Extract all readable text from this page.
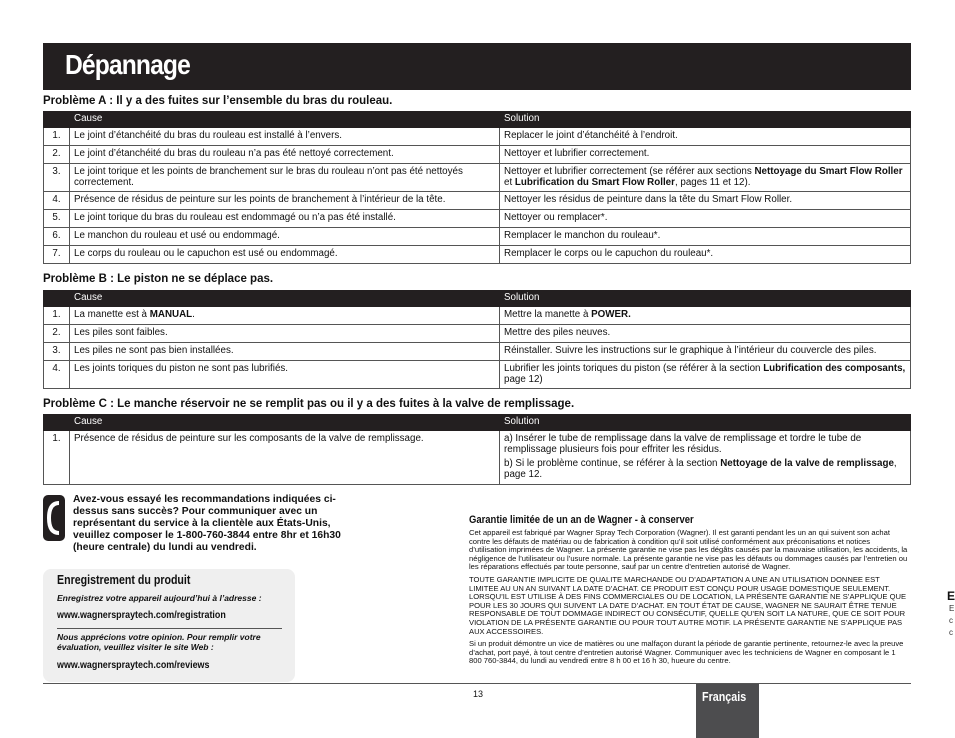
Dépannage
Problème A : Il y a des fuites sur l’ensemble du bras du rouleau.
	Cause	Solution
1.	Le joint d’étanchéité du bras du rouleau est installé à l’envers.	Replacer le joint d’étanchéité à l’endroit.
2.	Le joint d’étanchéité du bras du rouleau n’a pas été nettoyé correctement.	Nettoyer et lubrifier correctement.
3.	Le joint torique et les points de branchement sur le bras du rouleau n’ont pas été nettoyés correctement.	Nettoyer et lubrifier correctement (se référer aux sections Nettoyage du Smart Flow Roller et Lubrification du Smart Flow Roller, pages 11 et 12).
4.	Présence de résidus de peinture sur les points de branchement à l’intérieur de la tête.	Nettoyer les résidus de peinture dans la tête du Smart Flow Roller.
5.	Le joint torique du bras du rouleau est endommagé ou n’a pas été installé.	Nettoyer ou remplacer*.
6.	Le manchon du rouleau et usé ou endommagé.	Remplacer le manchon du rouleau*.
7.	Le corps du rouleau ou le capuchon est usé ou endommagé.	Remplacer le corps ou le capuchon du rouleau*.
Problème B : Le piston ne se déplace pas.
	Cause	Solution
1.	La manette est à MANUAL.	Mettre la manette à POWER.
2.	Les piles sont faibles.	Mettre des piles neuves.
3.	Les piles ne sont pas bien installées.	Réinstaller. Suivre les instructions sur le graphique à l’intérieur du couvercle des piles.
4.	Les joints toriques du piston ne sont pas lubrifiés.	Lubrifier les joints toriques du piston (se référer à la section Lubrification des composants, page 12)
Problème C : Le manche réservoir ne se remplit pas ou il y a des fuites à la valve de remplissage.
	Cause	Solution
1.	Présence de résidus de peinture sur les composants de la valve de remplissage.	a) Insérer le tube de remplissage dans la valve de remplissage et tordre le tube de remplissage plusieurs fois pour effriter les résidus.
b) Si le problème continue, se référer à la section Nettoyage de la valve de remplissage, page 12.
Avez-vous essayé les recommandations indiquées ci-dessus sans succès? Pour communiquer avec un représentant du service à la clientèle aux États-Unis, veuillez composer le 1-800-760-3844 entre 8hr et 16h30 (heure centrale) du lundi au vendredi.
Enregistrement du produit
Enregistrez votre appareil aujourd’hui à l’adresse :
www.wagnerspraytech.com/registration
Nous apprécions votre opinion. Pour remplir votre évaluation, veuillez visiter le site Web :
www.wagnerspraytech.com/reviews
Garantie limitée de un an de Wagner - à conserver

Cet appareil est fabriqué par Wagner Spray Tech Corporation (Wagner). Il est garanti pendant les un an qui suivent son achat contre les défauts de matériau ou de fabrication à condition qu’il soit utilisé conformément aux préconisations et notices d’utilisation imprimées de Wagner. La présente garantie ne vise pas les dégâts causés par la mauvaise utilisation, les accidents, la négligence de l’utilisateur ou l’usure normale. La présente garantie ne vise pas les défauts ou dommages causés par l’entretien ou les réparations effectués par toute personne, sauf par un centre d’entretien autorisé de Wagner.

TOUTE GARANTIE IMPLICITE DE QUALITE MARCHANDE OU D’ADAPTATION A UNE AN UTILISATION DONNEE EST LIMITEE AU UN AN SUIVANT LA DATE D’ACHAT. CE PRODUIT EST CONÇU POUR USAGE DOMESTIQUE SEULEMENT. LORSQU’IL EST UTILISE À DES FINS COMMERCIALES OU DE LOCATION, LA PRÉSENTE GARANTIE NE S’APPLIQUE QUE POUR LES 30 JOURS QUI SUIVENT LA DATE D’ACHAT. EN TOUT ÉTAT DE CAUSE, WAGNER NE SAURAIT ÊTRE TENUE RESPONSABLE DE TOUT DOMMAGE INDIRECT OU CONSÉCUTIF, QUELLE QU’EN SOIT LA NATURE, QUE CE SOIT POUR VIOLATION DE LA PRÉSENTE GARANTIE OU POUR TOUT AUTRE MOTIF. LA PRÉSENTE GARANTIE NE S’APPLIQUE PAS AUX ACCESSOIRES.

Si un produit démontre un vice de matières ou une malfaçon durant la période de garantie pertinente, retournez-le avec la preuve d’achat, port payé, à tout centre d’entretien autorisé Wagner. Communiquer avec les techniciens de Wagner en composant le 1 800 760-3844, du lundi au vendredi entre 8 h 00 et 16 h 30, hueure du centre.

13	Français
E
E
c
c
